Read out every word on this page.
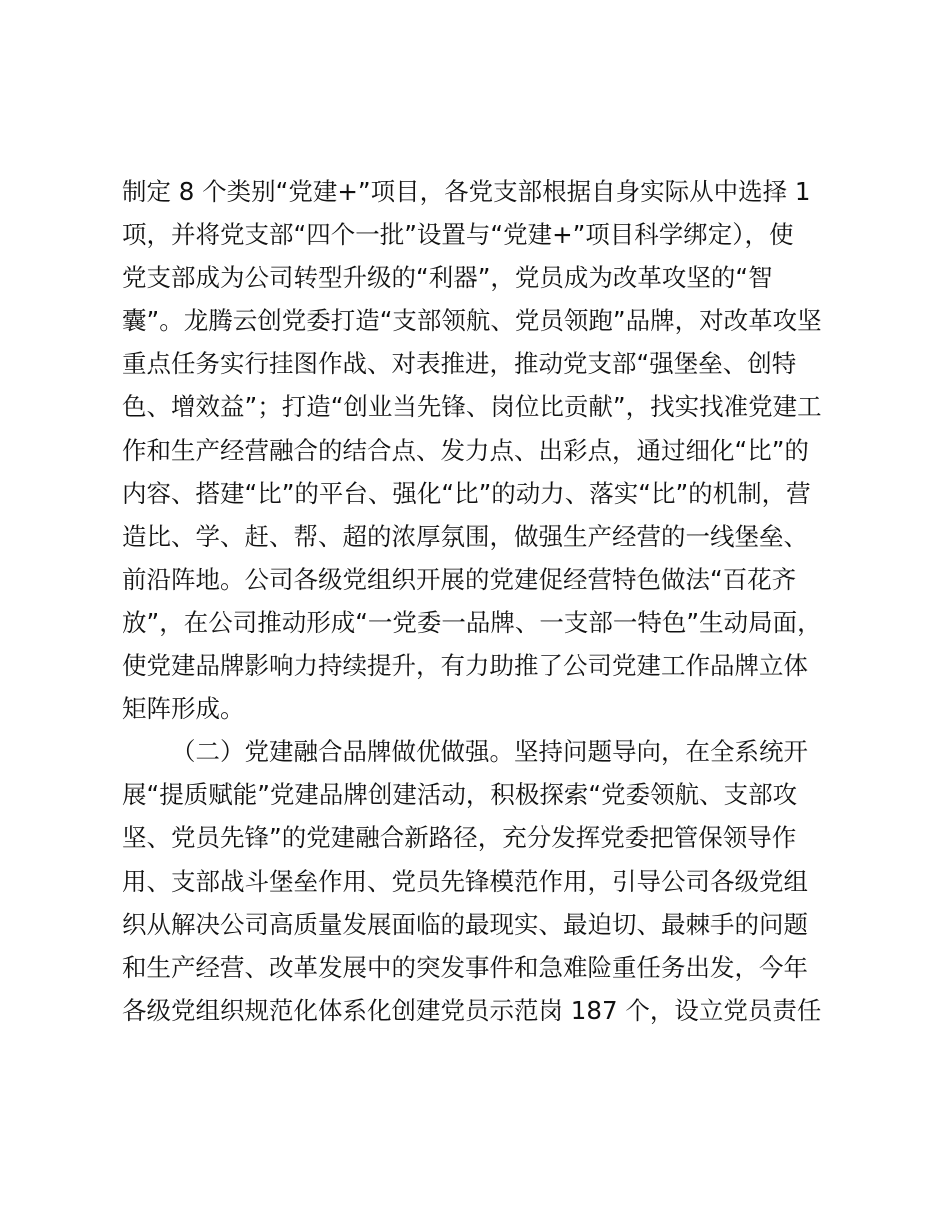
制定 8 个类别“党建+”项目，各党支部根据自身实际从中选择 1
项，并将党支部“四个一批”设置与“党建+”项目科学绑定），使
党支部成为公司转型升级的“利器”，党员成为改革攻坚的“智
囊”。龙腾云创党委打造“支部领航、党员领跑”品牌，对改革攻坚
重点任务实行挂图作战、对表推进，推动党支部“强堡垒、创特
色、增效益”；打造“创业当先锋、岗位比贡献”，找实找准党建工
作和生产经营融合的结合点、发力点、出彩点，通过细化“比”的
内容、搭建“比”的平台、强化“比”的动力、落实“比”的机制，营
造比、学、赶、帮、超的浓厚氛围，做强生产经营的一线堡垒、
前沿阵地。公司各级党组织开展的党建促经营特色做法“百花齐
放”，在公司推动形成“一党委一品牌、一支部一特色”生动局面，
使党建品牌影响力持续提升，有力助推了公司党建工作品牌立体
矩阵形成。
（二）党建融合品牌做优做强。坚持问题导向，在全系统开
展“提质赋能”党建品牌创建活动，积极探索“党委领航、支部攻
坚、党员先锋”的党建融合新路径，充分发挥党委把管保领导作
用、支部战斗堡垒作用、党员先锋模范作用，引导公司各级党组
织从解决公司高质量发展面临的最现实、最迫切、最棘手的问题
和生产经营、改革发展中的突发事件和急难险重任务出发，今年
各级党组织规范化体系化创建党员示范岗 187 个，设立党员责任
